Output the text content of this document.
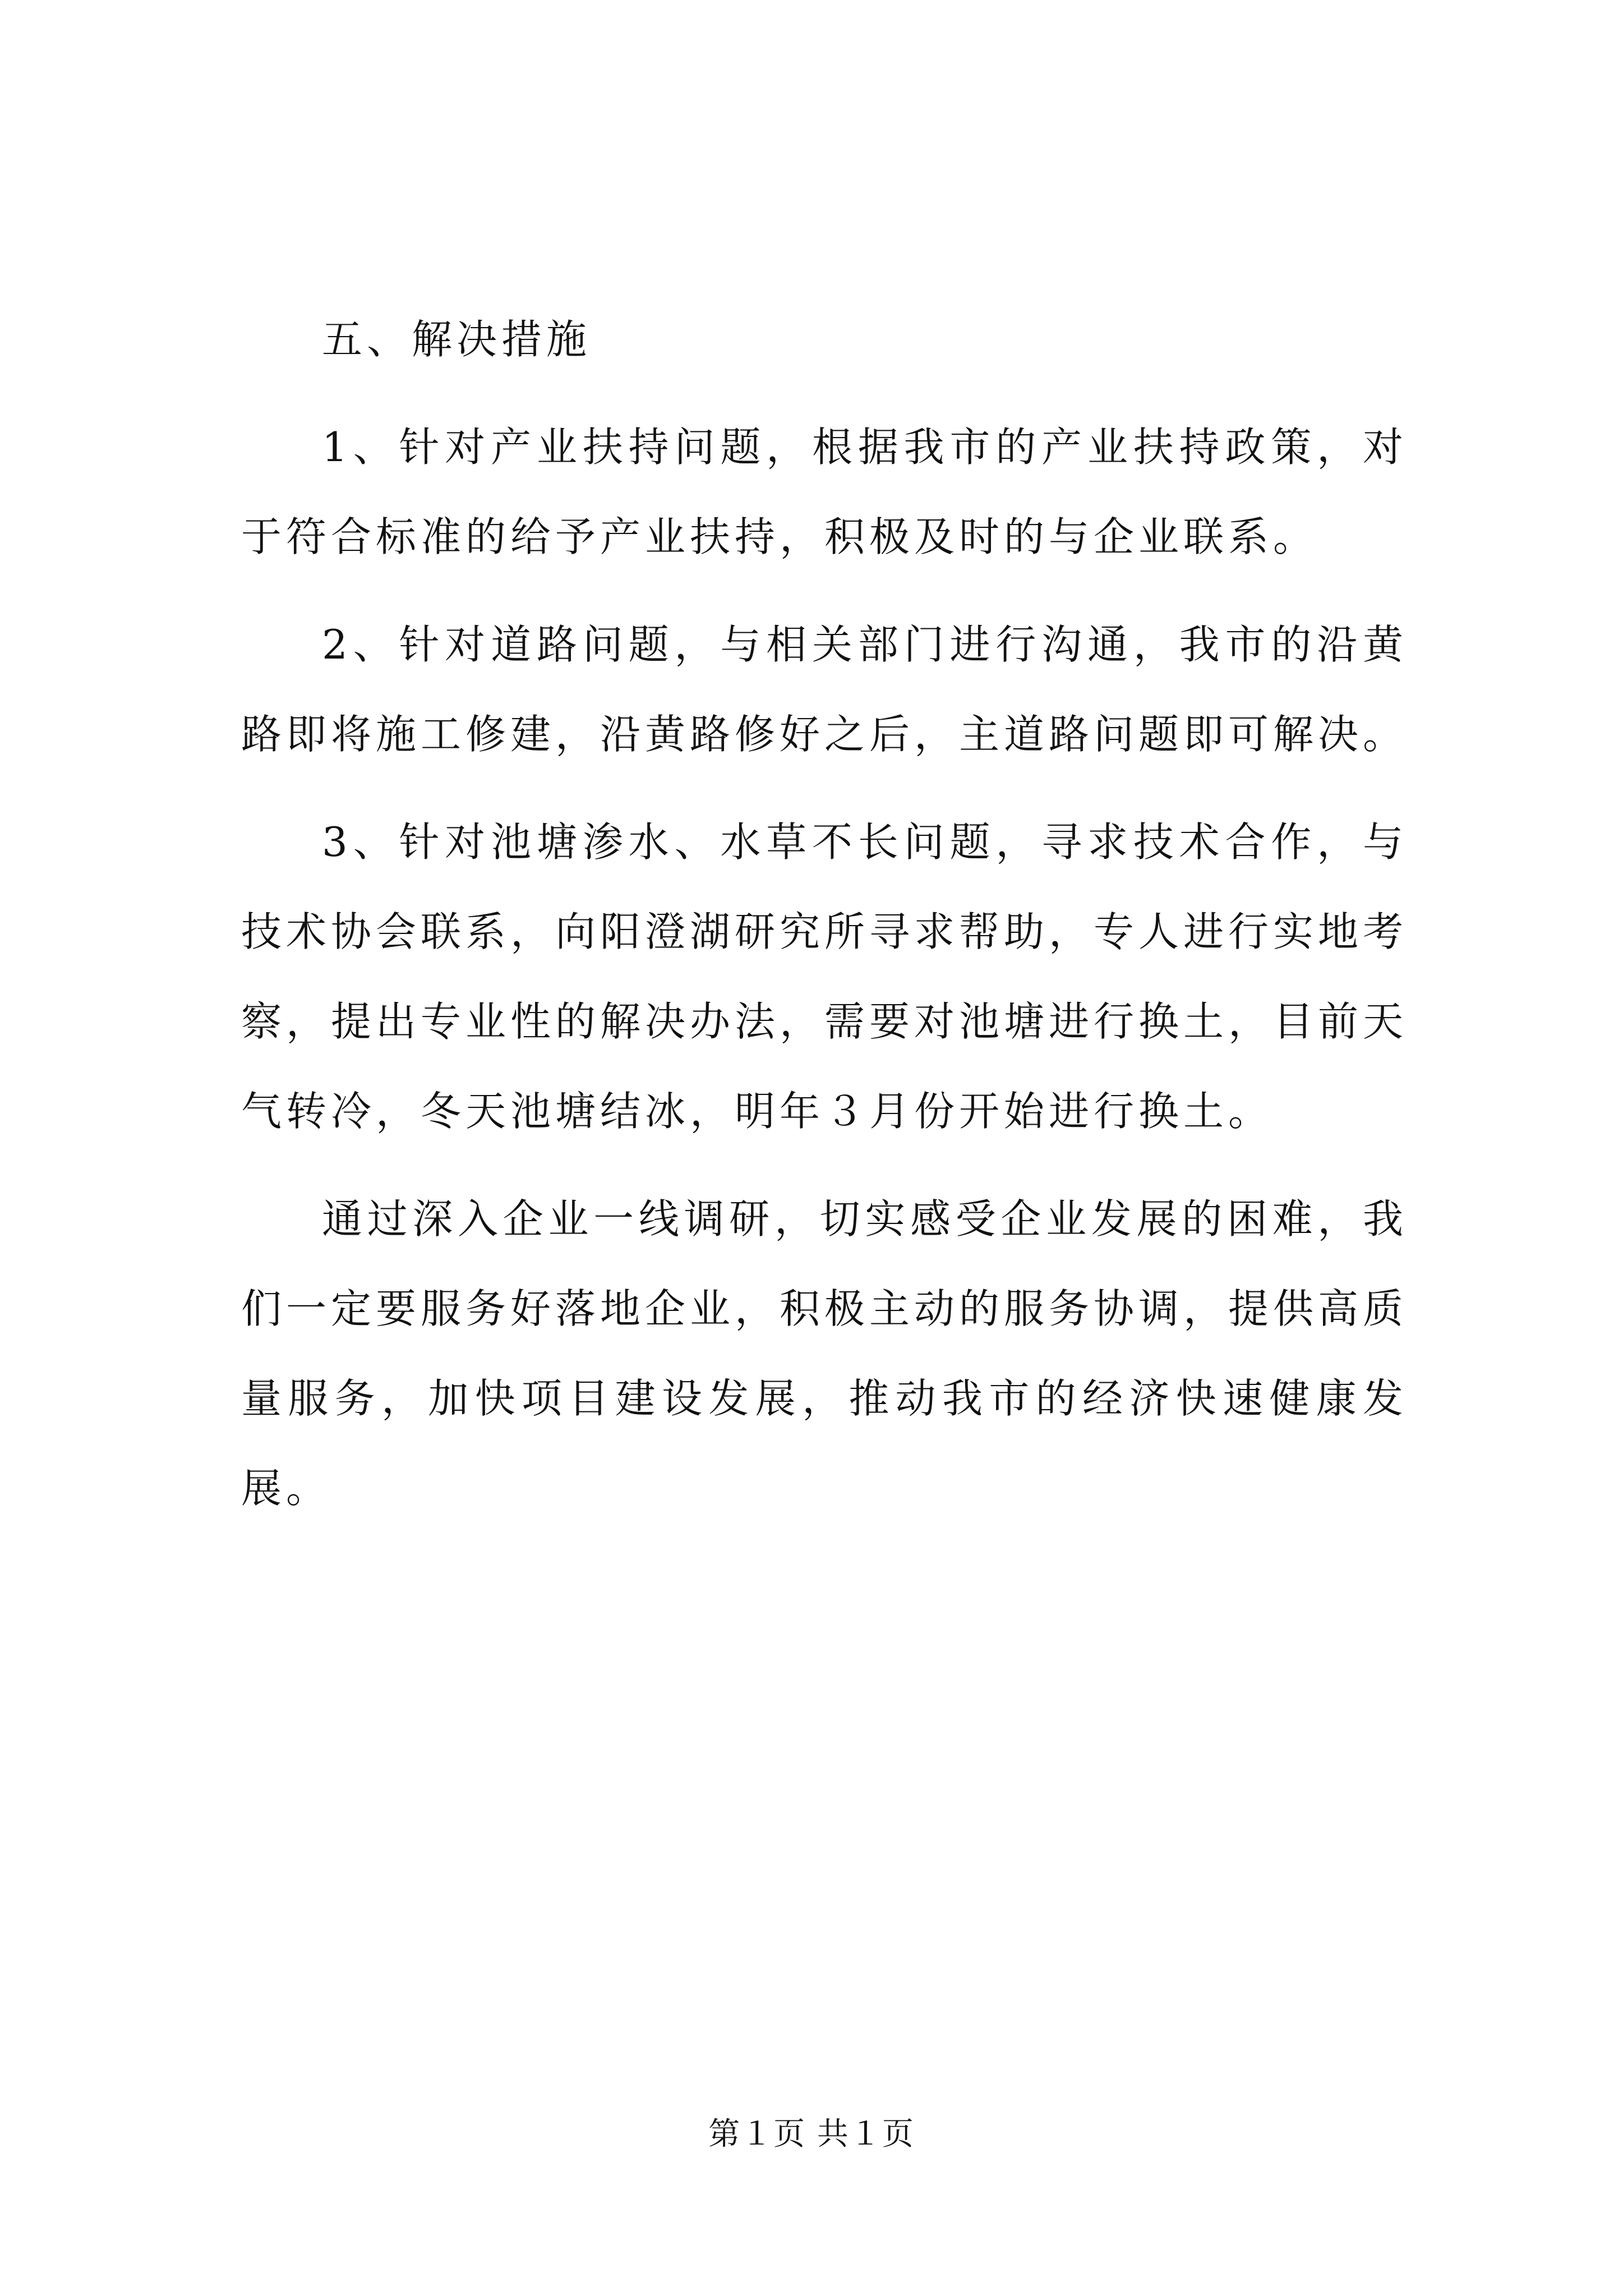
五、解决措施

1、针对产业扶持问题，根据我市的产业扶持政策，对于符合标准的给予产业扶持，积极及时的与企业联系。

2、针对道路问题，与相关部门进行沟通，我市的沿黄路即将施工修建，沿黄路修好之后，主道路问题即可解决。

3、针对池塘渗水、水草不长问题，寻求技术合作，与技术协会联系，向阳澄湖研究所寻求帮助，专人进行实地考察，提出专业性的解决办法，需要对池塘进行换土，目前天气转冷，冬天池塘结冰，明年３月份开始进行换土。

通过深入企业一线调研，切实感受企业发展的困难，我们一定要服务好落地企业，积极主动的服务协调，提供高质量服务，加快项目建设发展，推动我市的经济快速健康发展。

第１页 共１页
